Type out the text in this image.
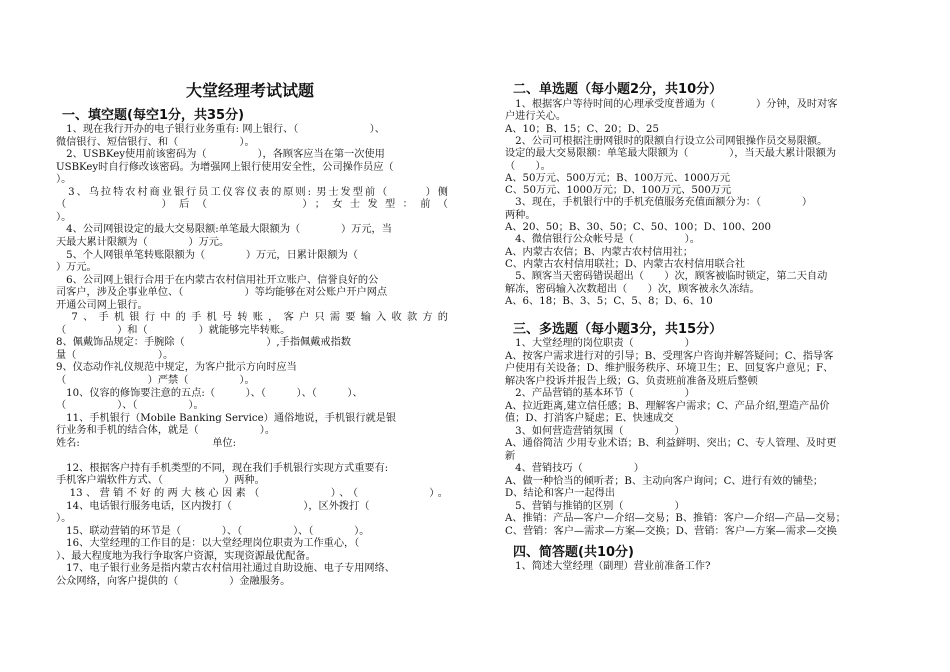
大堂经理考试试题
一、填空题(每空1分，共35分)
　1、现在我行开办的电子银行业务重有: 网上银行、（　　　　　　　）、
微信银行、短信银行、和（　　　　　　）。
　2、USBKey使用前该密码为（　　　　　），各顾客应当在第一次使用
USBKey时自行修改该密码。为增强网上银行使用安全性，公司操作员应（
）。
　3、乌拉特农村商业银行员工仪容仪表的原则: 男士发型前（　　　）侧
（　　　　　）后（　　　　　）；女士发型：前（
）。
　4、公司网银设定的最大交易限额:单笔最大限额为（　　　　）万元，当
天最大累计限额为（　　　　）万元。
　5、个人网银单笔转账限额为（　　　　）万元，日累计限额为（
）万元。
　6、公司网上银行合用于在内蒙古农村信用社开立账户、信誉良好的公
司客户，涉及企事业单位、（　　　　　　）等均能够在对公账户开户网点
开通公司网上银行。
　7、手机银行中的手机号转账，客户只需要输入收款方的
（　　　　　）和（　　　　　）就能够完毕转账。
8、佩戴饰品规定：手腕除（　　　　　　　　）,手指佩戴戒指数
量（　　　　　　　　）。
9、仪态动作礼仪规范中规定，为客户批示方向时应当
（　　　　　　　　）严禁（　　　　　）。
　10、仪容的修饰要注意的五点:（　　　）、（　　　）、（　　　）、
（　　　　　）、（　　　　　）。
　11、手机银行（Mobile Banking Service）通俗地说，手机银行就是银
行业务和手机的结合体，就是（　　　　　　）。
姓名:　　　　　　　　　　　　　单位:
　12、根据客户持有手机类型的不同，现在我们手机银行实现方式重要有:
手机客户端软件方式、（　　　　　　）两种。
　13、营销不好的两大核心因素（　　　　　）、（　　　　　）。
　14、电话银行服务电话，区内拨打（　　　　　　　），区外拨打（
）。
　15、联动营销的环节是（　　　　）、（　　　　　）、（　　　　）。
　16、大堂经理的工作目的是：以大堂经理岗位职责为工作重心，（
）、最大程度地为我行争取客户资源，实现资源最优配备。
　17、电子银行业务是指内蒙古农村信用社通过自助设施、电子专用网络、
公众网络，向客户提供的（　　　　　）金融服务。
二、单选题（每小题2分，共10分）
　1、根据客户等待时间的心理承受度普通为（　　　　）分钟，及时对客
户进行关心。
A、10；B、15；C、20；D、25
　2、公司可根据注册网银时的限额自行设立公司网银操作员交易限额。
设定的最大交易限额：单笔最大限额为（　　　　），当天最大累计限额为
（　　）。
A、50万元、500万元；B、100万元、1000万元
C、50万元、1000万元；D、100万元、500万元
　3、现在，手机银行中的手机充值服务充值面额分为：（　　　　）
两种。
A、20、50；B、30、50；C、50、100；D、100、200
　4、微信银行公众帐号是（　　　　　）。
A、内蒙古农信；B、内蒙古农村信用社；
C、内蒙古农村信用联社；D、内蒙古农村信用联合社
　5、顾客当天密码错误超出（　　）次，顾客被临时锁定，第二天自动
解冻，密码输入次数超出（　　）次，顾客被永久冻结。
A、6、18；B、3、5；C、5、8；D、6、10
三、多选题（每小题3分，共15分）
　1、大堂经理的岗位职责（　　　　　）
A、按客户需求进行对的引导；B、受理客户咨询并解答疑问；C、指导客
户使用有关设备；D、维护服务秩序、环境卫生；E、回复客户意见；F、
解决客户投诉并报告上级；G、负责班前准备及班后整顿
　2、产品营销的基本环节（　　　　　）
A、拉近距离,建立信任感；B、理解客户需求；C、产品介绍,塑造产品价
值；D、打消客户疑虑；E、快速成交
　3、如何营造营销氛围（　　　　　）
A、通俗简洁 少用专业术语；B、利益鲜明、突出；C、专人管理、及时更
新
　4、营销技巧（　　　　　）
A、做一种恰当的倾听者；B、主动向客户询问；C、进行有效的铺垫；
D、结论和客户一起得出
　5、营销与推销的区别（　　　　　）
A、推销：产品—客户—介绍—交易；B、推销：客户—介绍—产品—交易；
C、营销：客户—需求—方案—交换；D、营销：客户—方案—需求—交换
四、简答题(共10分)
　1、简述大堂经理（副理）营业前准备工作?
